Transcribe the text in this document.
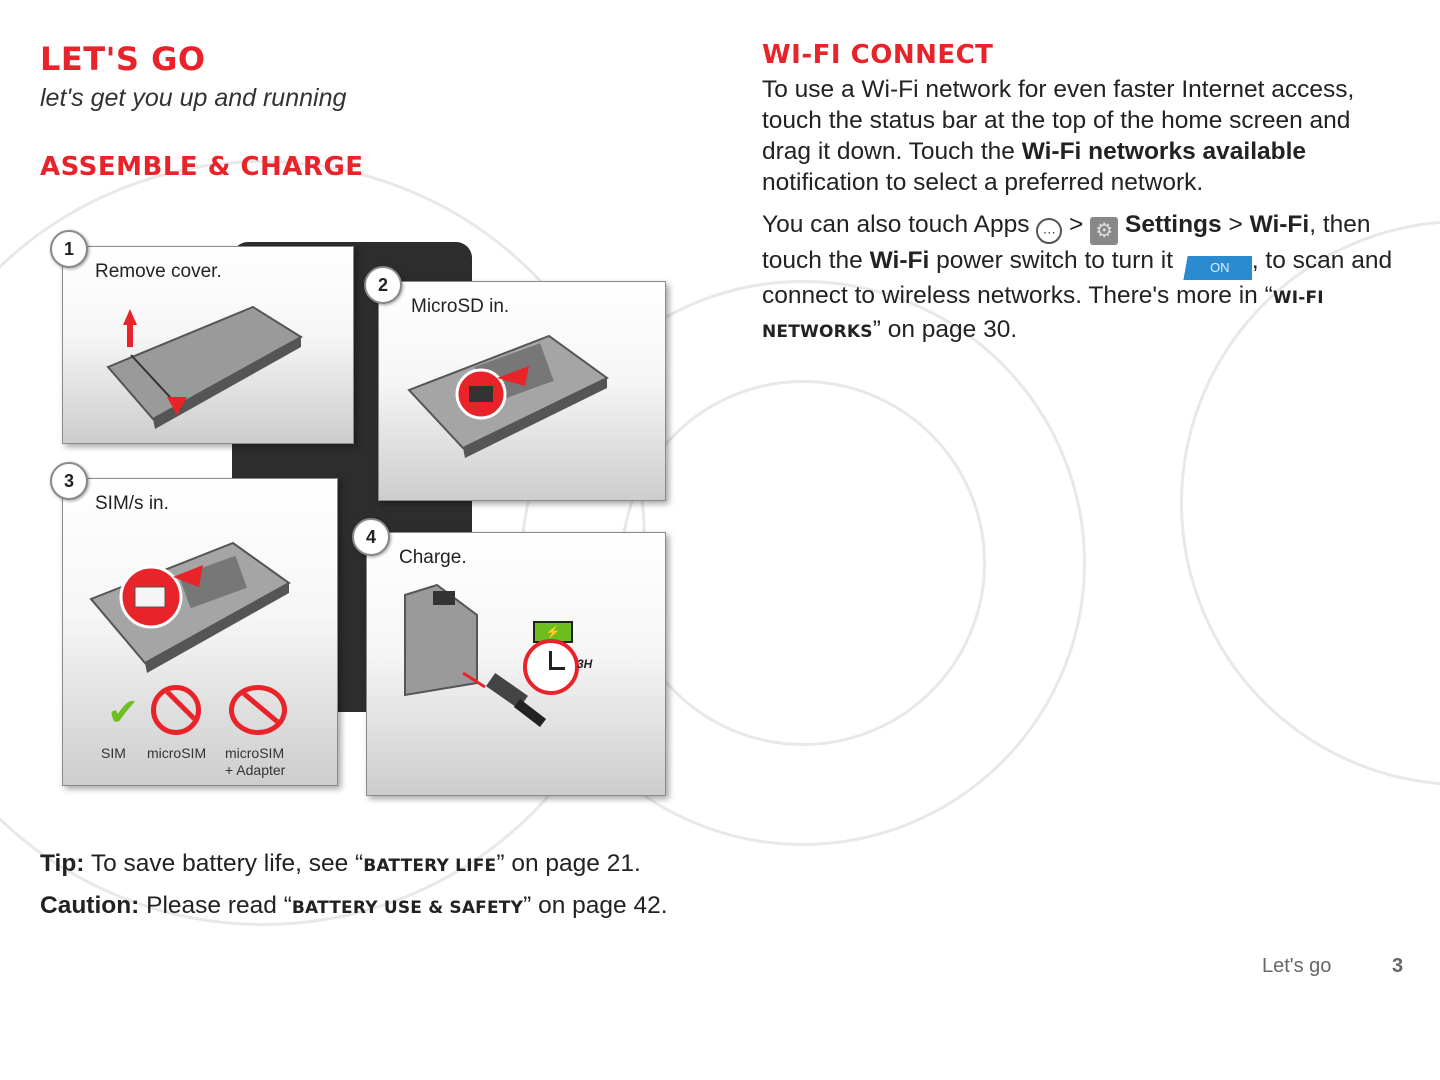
LET'S GO

let's get you up and running

ASSEMBLE & CHARGE
Remove cover.
1
MicroSD in.
2
SIM/s in.
✔
SIM microSIM microSIM
+ Adapter
3
Charge.
⚡
3H
4

Tip: To save battery life, see “BATTERY LIFE” on page 21.

Caution: Please read “BATTERY USE & SAFETY” on page 42.

WI-FI CONNECT

To use a Wi-Fi network for even faster Internet access, touch the status bar at the top of the home screen and drag it down. Touch the Wi-Fi networks available notification to select a preferred network.

You can also touch Apps ⋯ > ⚙ Settings > Wi-Fi, then touch the Wi-Fi power switch to turn it ON , to scan and connect to wireless networks. There's more in “WI-FI NETWORKS” on page 30.

Let's go	3
